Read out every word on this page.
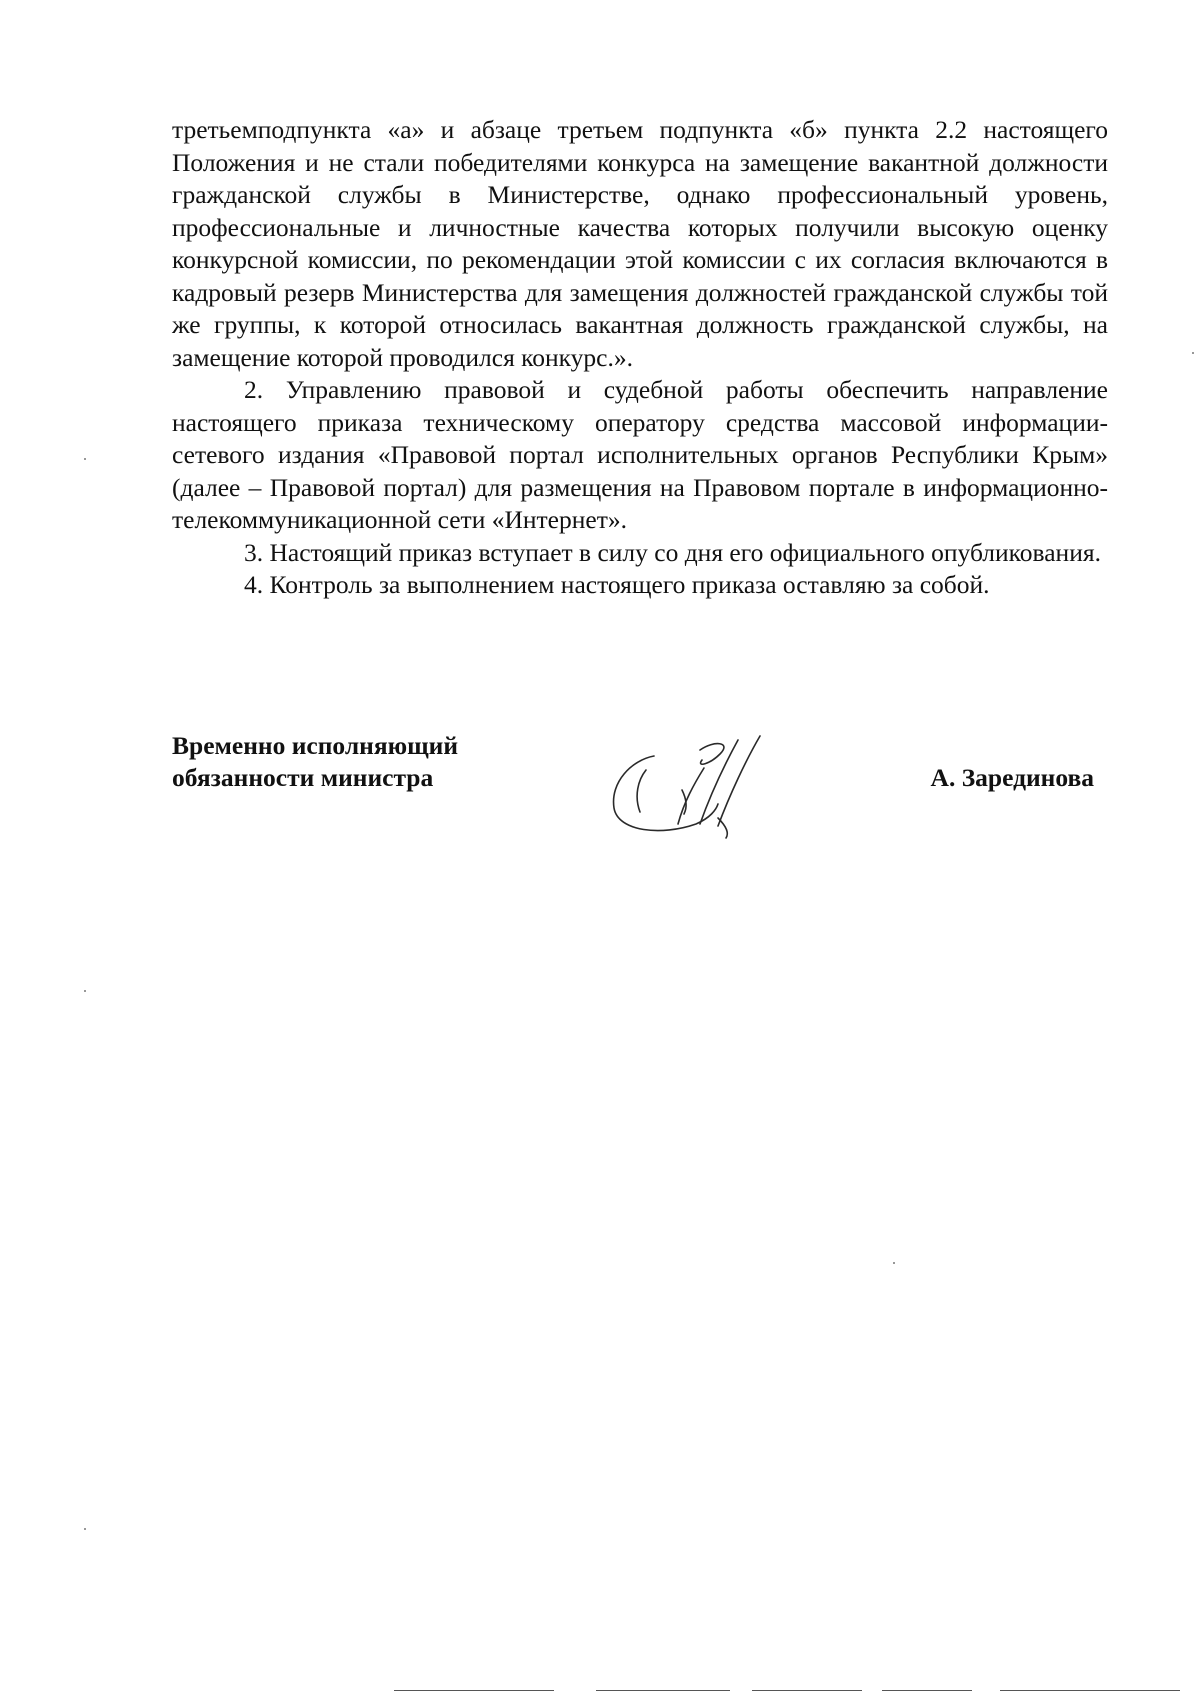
третьемподпункта «а» и абзаце третьем подпункта «б» пункта 2.2 настоящего Положения и не стали победителями конкурса на замещение вакантной должности гражданской службы в Министерстве, однако профессиональный уровень, профессиональные и личностные качества которых получили высокую оценку конкурсной комиссии, по рекомендации этой комиссии с их согласия включаются в кадровый резерв Министерства для замещения должностей гражданской службы той же группы, к которой относилась вакантная должность гражданской службы, на замещение которой проводился конкурс.».

2. Управлению правовой и судебной работы обеспечить направление настоящего приказа техническому оператору средства массовой информации-сетевого издания «Правовой портал исполнительных органов Республики Крым» (далее – Правовой портал) для размещения на Правовом портале в информационно-телекоммуникационной сети «Интернет».

3. Настоящий приказ вступает в силу со дня его официального опубликования.

4. Контроль за выполнением настоящего приказа оставляю за собой.

Временно исполняющий
обязанности министра	А. Зарединова
